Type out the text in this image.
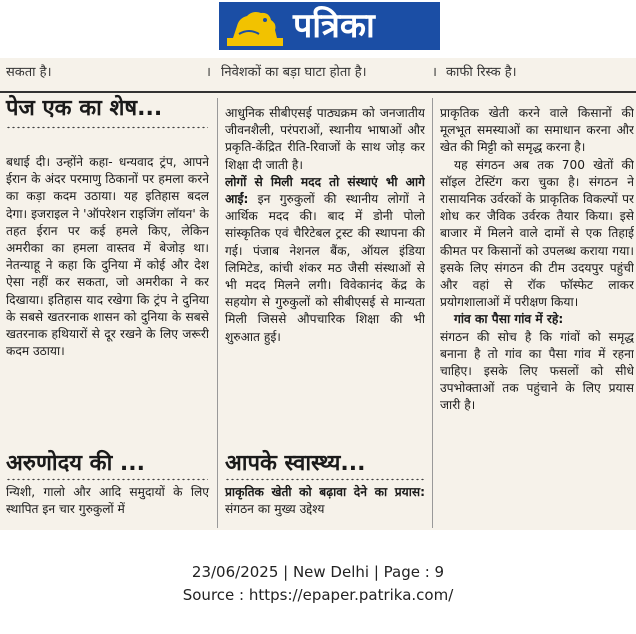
पत्रिका
सकता है।	। निवेशकों का बड़ा घाटा होता है।	। काफी रिस्क है।
पेज एक का शेष...

बधाई दी। उन्होंने कहा- धन्यवाद ट्रंप, आपने ईरान के अंदर परमाणु ठिकानों पर हमला करने का कड़ा कदम उठाया। यह इतिहास बदल देगा। इजराइल ने 'ऑपरेशन राइजिंग लॉयन' के तहत ईरान पर कई हमले किए, लेकिन अमरीका का हमला वास्तव में बेजोड़ था। नेतन्याहू ने कहा कि दुनिया में कोई और देश ऐसा नहीं कर सकता, जो अमरीका ने कर दिखाया। इतिहास याद रखेगा कि ट्रंप ने दुनिया के सबसे खतरनाक शासन को दुनिया के सबसे खतरनाक हथियारों से दूर रखने के लिए जरूरी कदम उठाया।

अरुणोदय की ...

न्यिशी, गालो और आदि समुदायों के लिए स्थापित इन चार गुरुकुलों में

आधुनिक सीबीएसई पाठ्यक्रम को जनजातीय जीवनशैली, परंपराओं, स्थानीय भाषाओं और प्रकृति-केंद्रित रीति-रिवाजों के साथ जोड़ कर शिक्षा दी जाती है।

लोगों से मिली मदद तो संस्थाएं भी आगे आईं: इन गुरुकुलों की स्थानीय लोगों ने आर्थिक मदद की। बाद में डोनी पोलो सांस्कृतिक एवं चैरिटेबल ट्रस्ट की स्थापना की गई। पंजाब नेशनल बैंक, ऑयल इंडिया लिमिटेड, कांची शंकर मठ जैसी संस्थाओं से भी मदद मिलने लगी। विवेकानंद केंद्र के सहयोग से गुरुकुलों को सीबीएसई से मान्यता मिली जिससे औपचारिक शिक्षा की भी शुरुआत हुई।

आपके स्वास्थ्य...

प्राकृतिक खेती को बढ़ावा देने का प्रयास: संगठन का मुख्य उद्देश्य

प्राकृतिक खेती करने वाले किसानों की मूलभूत समस्याओं का समाधान करना और खेत की मिट्टी को समृद्ध करना है।

यह संगठन अब तक 700 खेतों की सॉइल टेस्टिंग करा चुका है। संगठन ने रासायनिक उर्वरकों के प्राकृतिक विकल्पों पर शोध कर जैविक उर्वरक तैयार किया। इसे बाजार में मिलने वाले दामों से एक तिहाई कीमत पर किसानों को उपलब्ध कराया गया। इसके लिए संगठन की टीम उदयपुर पहुंची और वहां से रॉक फॉस्फेट लाकर प्रयोगशालाओं में परीक्षण किया।

गांव का पैसा गांव में रहे:

संगठन की सोच है कि गांवों को समृद्ध बनाना है तो गांव का पैसा गांव में रहना चाहिए। इसके लिए फसलों को सीधे उपभोक्ताओं तक पहुंचाने के लिए प्रयास जारी है।

23/06/2025 | New Delhi | Page : 9
Source : https://epaper.patrika.com/
